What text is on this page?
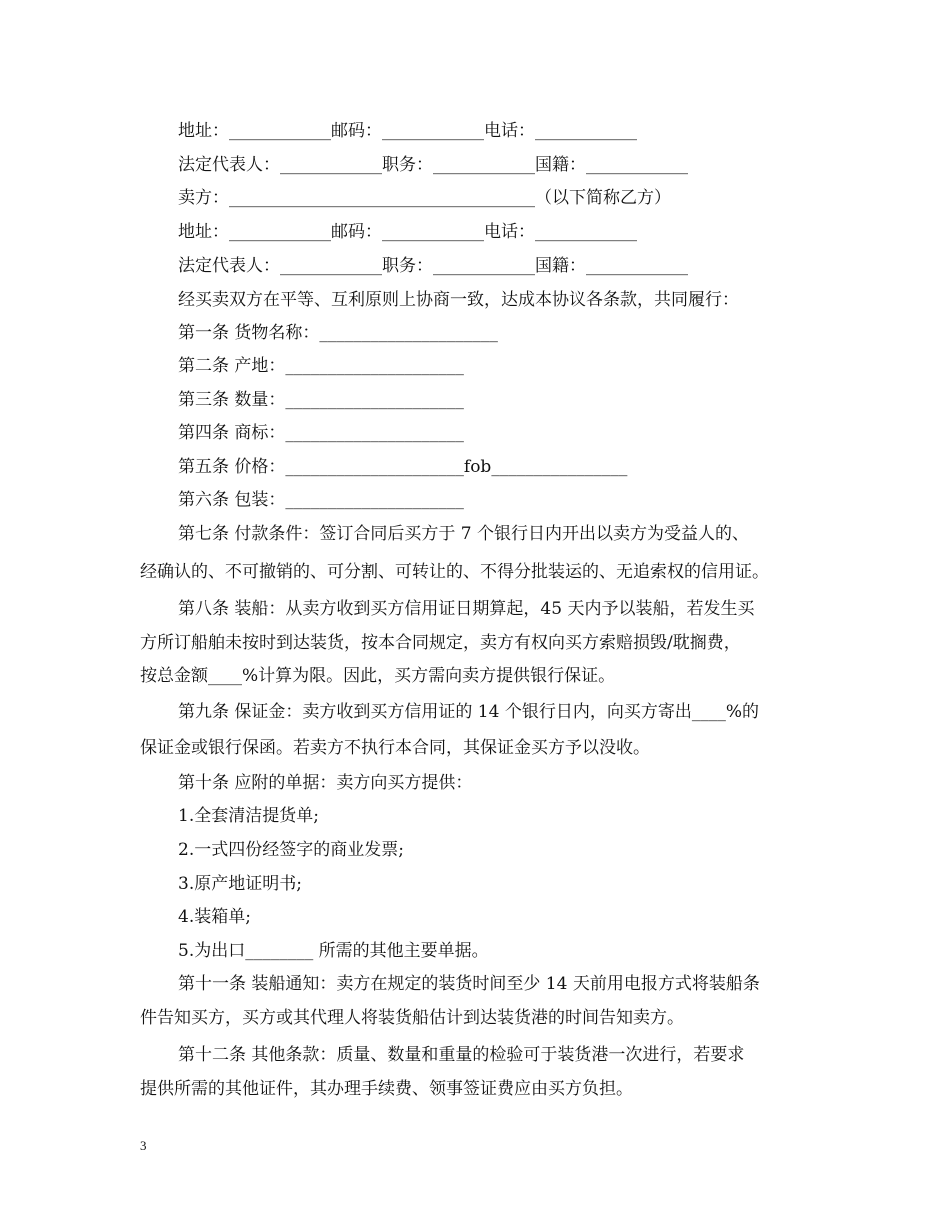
地址：____________邮码：____________电话：____________
法定代表人：____________职务：____________国籍：____________
卖方：____________________________________（以下简称乙方）
地址：____________邮码：____________电话：____________
法定代表人：____________职务：____________国籍：____________
经买卖双方在平等、互利原则上协商一致，达成本协议各条款，共同履行：
第一条 货物名称：_____________________
第二条 产地：_____________________
第三条 数量：_____________________
第四条 商标：_____________________
第五条 价格：_____________________fob________________
第六条 包装：_____________________
第七条 付款条件：签订合同后买方于 7 个银行日内开出以卖方为受益人的、
经确认的、不可撤销的、可分割、可转让的、不得分批装运的、无追索权的信用证。
第八条 装船：从卖方收到买方信用证日期算起，45 天内予以装船，若发生买
方所订船舶未按时到达装货，按本合同规定，卖方有权向买方索赔损毁/耽搁费，
按总金额____%计算为限。因此，买方需向卖方提供银行保证。
第九条 保证金：卖方收到买方信用证的 14 个银行日内，向买方寄出____%的
保证金或银行保函。若卖方不执行本合同，其保证金买方予以没收。
第十条 应附的单据：卖方向买方提供：
1.全套清洁提货单;
2.一式四份经签字的商业发票;
3.原产地证明书;
4.装箱单;
5.为出口________ 所需的其他主要单据。
第十一条 装船通知：卖方在规定的装货时间至少 14 天前用电报方式将装船条
件告知买方，买方或其代理人将装货船估计到达装货港的时间告知卖方。
第十二条 其他条款：质量、数量和重量的检验可于装货港一次进行，若要求
提供所需的其他证件，其办理手续费、领事签证费应由买方负担。
3
